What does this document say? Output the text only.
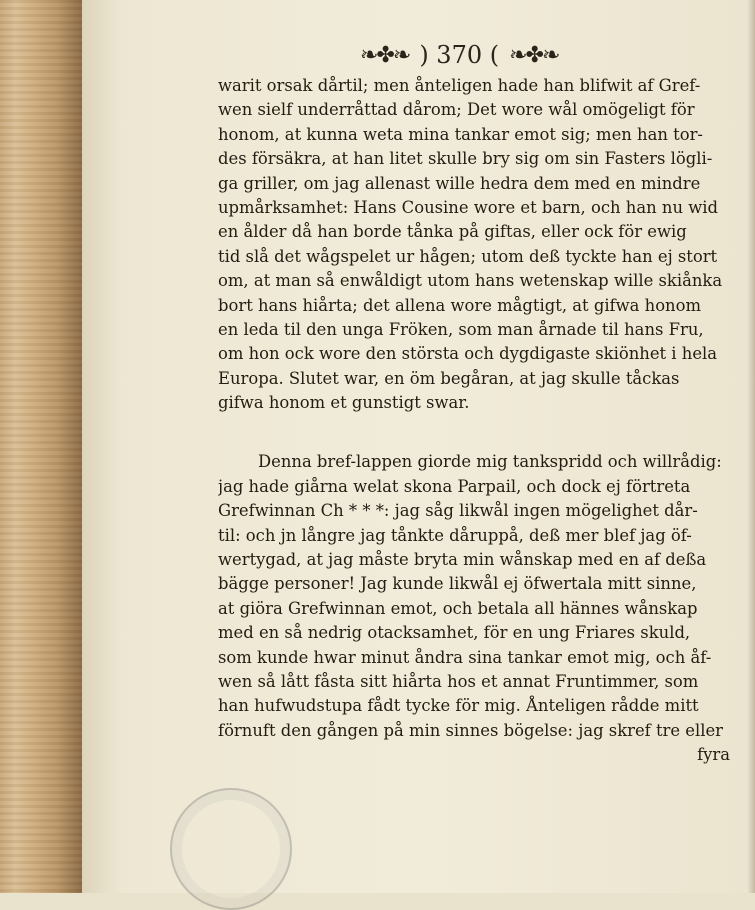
❧✤❧ ) 370 ( ❧✤❧
warit orsak dårtil; men ånteligen hade han blifwit af Gref-
wen sielf underråttad dårom; Det wore wål omögeligt för
honom, at kunna weta mina tankar emot sig; men han tor-
des försäkra, at han litet skulle bry sig om sin Fasters lögli-
ga griller, om jag allenast wille hedra dem med en mindre
upmårksamhet: Hans Cousine wore et barn, och han nu wid
en ålder då han borde tånka på giftas, eller ock för ewig
tid slå det wågspelet ur hågen; utom deß tyckte han ej stort
om, at man så enwåldigt utom hans wetenskap wille skiånka
bort hans hiårta; det allena wore mågtigt, at gifwa honom
en leda til den unga Fröken, som man årnade til hans Fru,
om hon ock wore den största och dygdigaste skiönhet i hela
Europa. Slutet war, en öm begåran, at jag skulle tåckas
gifwa honom et gunstigt swar.
Denna bref-lappen giorde mig tankspridd och willrådig:
jag hade giårna welat skona Parpail, och dock ej förtreta
Grefwinnan Ch * * *: jag såg likwål ingen mögelighet dår-
til: och jn långre jag tånkte dåruppå, deß mer blef jag öf-
wertygad, at jag måste bryta min wånskap med en af deßa
bägge personer! Jag kunde likwål ej öfwertala mitt sinne,
at giöra Grefwinnan emot, och betala all hännes wånskap
med en så nedrig otacksamhet, för en ung Friares skuld,
som kunde hwar minut åndra sina tankar emot mig, och åf-
wen så lått fåsta sitt hiårta hos et annat Fruntimmer, som
han hufwudstupa fådt tycke för mig. Ånteligen rådde mitt
förnuft den gången på min sinnes bögelse: jag skref tre eller
fyra
